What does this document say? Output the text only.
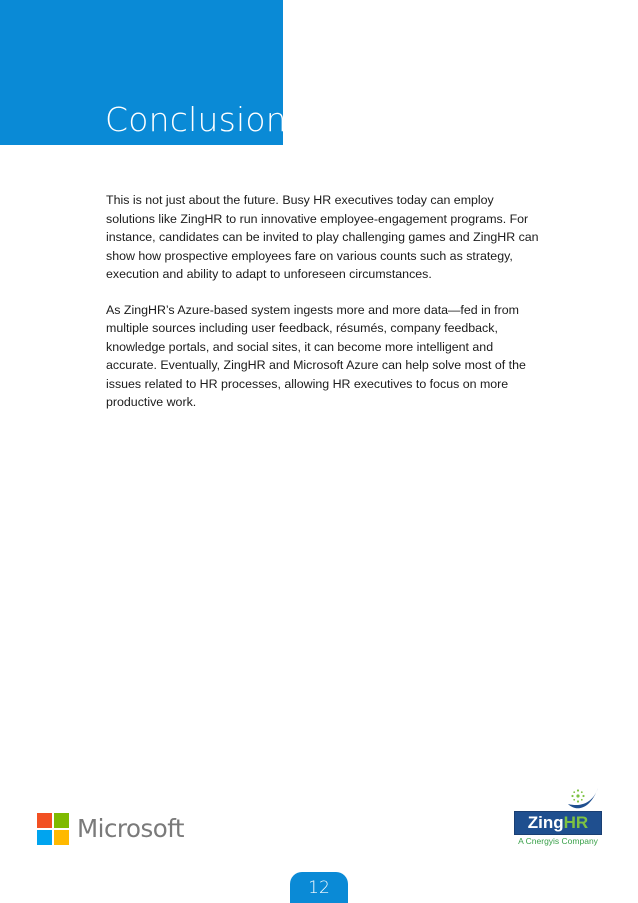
Conclusion

This is not just about the future. Busy HR executives today can employ solutions like ZingHR to run innovative employee-engagement programs. For instance, candidates can be invited to play challenging games and ZingHR can show how prospective employees fare on various counts such as strategy, execution and ability to adapt to unforeseen circumstances.

As ZingHR’s Azure-based system ingests more and more data—fed in from multiple sources including user feedback, résumés, company feedback, knowledge portals, and social sites, it can become more intelligent and accurate. Eventually, ZingHR and Microsoft Azure can help solve most of the issues related to HR processes, allowing HR executives to focus on more productive work.

Microsoft	ZingHR
A Cnergyis Company
12
